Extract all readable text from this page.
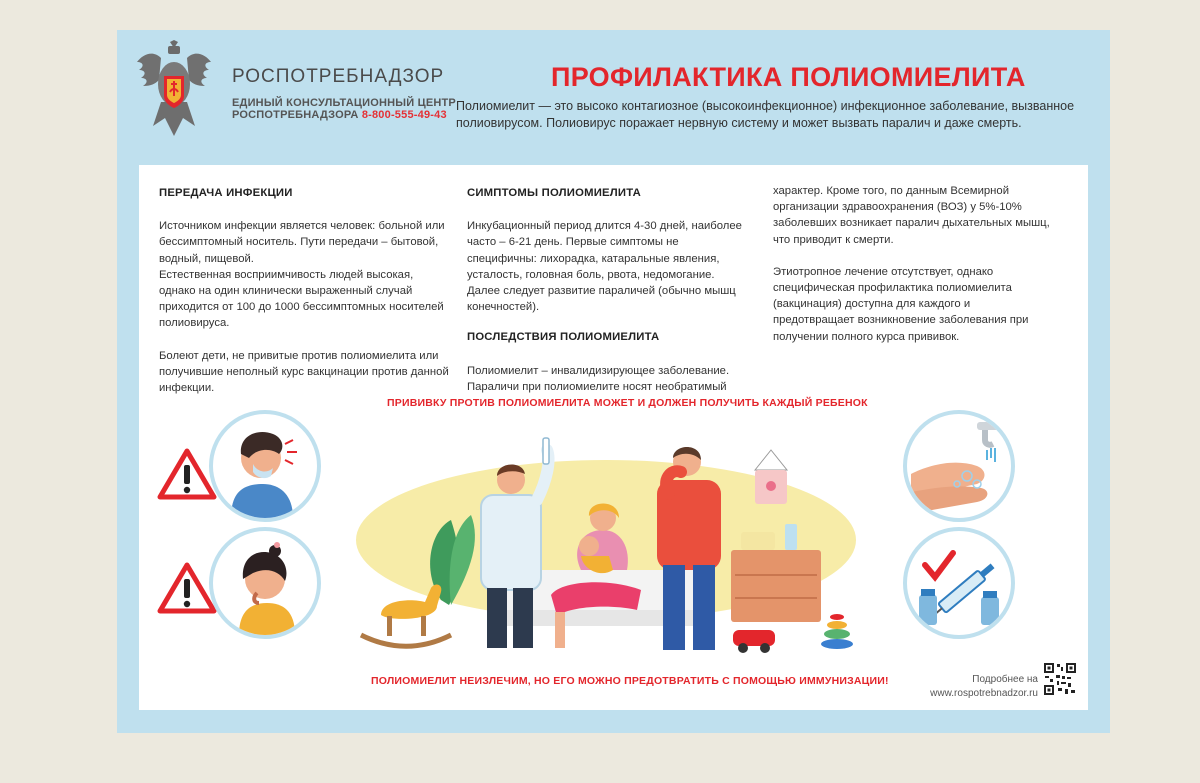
РОСПОТРЕБНАДЗОР
ЕДИНЫЙ КОНСУЛЬТАЦИОННЫЙ ЦЕНТР
РОСПОТРЕБНАДЗОРА 8-800-555-49-43
ПРОФИЛАКТИКА ПОЛИОМИЕЛИТА
Полиомиелит — это высоко контагиозное (высокоинфекционное) инфекционное заболевание, вызванное полиовирусом. Полиовирус поражает нервную систему и может вызвать паралич и даже смерть.
ПЕРЕДАЧА ИНФЕКЦИИ

Источником инфекции является человек: больной или бессимптомный носитель. Пути передачи – бытовой, водный, пищевой.

Естественная восприимчивость людей высокая, однако на один клинически выраженный случай приходится от 100 до 1000 бессимптомных носителей полиовируса.

Болеют дети, не привитые против полиомиелита или получившие неполный курс вакцинации против данной инфекции.

СИМПТОМЫ ПОЛИОМИЕЛИТА

Инкубационный период длится 4-30 дней, наиболее часто – 6-21 день. Первые симптомы не специфичны: лихорадка, катаральные явления, усталость, головная боль, рвота, недомогание. Далее следует развитие параличей (обычно мышц конечностей).

ПОСЛЕДСТВИЯ ПОЛИОМИЕЛИТА

Полиомиелит – инвалидизирующее заболевание. Параличи при полиомиелите носят необратимый

характер. Кроме того, по данным Всемирной организации здравоохранения (ВОЗ) у 5%-10% заболевших возникает паралич дыхательных мышц, что приводит к смерти.

Этиотропное лечение отсутствует, однако специфическая профилактика полиомиелита (вакцинация) доступна для каждого и предотвращает возникновение заболевания при получении полного курса прививок.

ПРИВИВКУ ПРОТИВ ПОЛИОМИЕЛИТА МОЖЕТ И ДОЛЖЕН ПОЛУЧИТЬ КАЖДЫЙ РЕБЕНОК
ПОЛИОМИЕЛИТ НЕИЗЛЕЧИМ, НО ЕГО МОЖНО ПРЕДОТВРАТИТЬ С ПОМОЩЬЮ ИММУНИЗАЦИИ!	Подробнее на
www.rospotrebnadzor.ru
